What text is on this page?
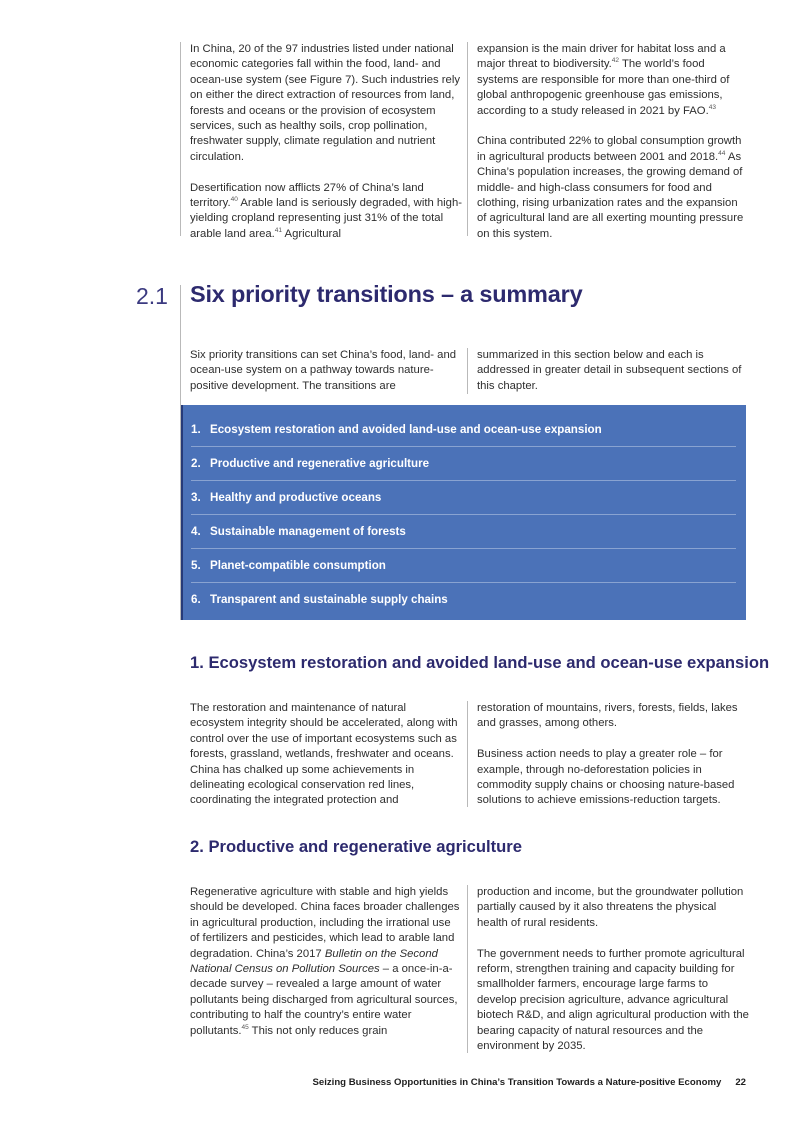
In China, 20 of the 97 industries listed under national economic categories fall within the food, land- and ocean-use system (see Figure 7). Such industries rely on either the direct extraction of resources from land, forests and oceans or the provision of ecosystem services, such as healthy soils, crop pollination, freshwater supply, climate regulation and nutrient circulation.

Desertification now afflicts 27% of China’s land territory.$^{40}$ Arable land is seriously degraded, with high-yielding cropland representing just 31% of the total arable land area.$^{41}$ Agricultural

expansion is the main driver for habitat loss and a major threat to biodiversity.$^{42}$ The world’s food systems are responsible for more than one-third of global anthropogenic greenhouse gas emissions, according to a study released in 2021 by FAO.$^{43}$

China contributed 22% to global consumption growth in agricultural products between 2001 and 2018.44 As China’s population increases, the growing demand of middle- and high-class consumers for food and clothing, rising urbanization rates and the expansion of agricultural land are all exerting mounting pressure on this system.

2.1 Six priority transitions – a summary
Six priority transitions can set China’s food, land- and ocean-use system on a pathway towards nature-positive development. The transitions are
summarized in this section below and each is addressed in greater detail in subsequent sections of this chapter.
1. Ecosystem restoration and avoided land-use and ocean-use expansion
2. Productive and regenerative agriculture
3. Healthy and productive oceans
4. Sustainable management of forests
5. Planet-compatible consumption
6. Transparent and sustainable supply chains
1. Ecosystem restoration and avoided land-use and ocean-use expansion
The restoration and maintenance of natural ecosystem integrity should be accelerated, along with control over the use of important ecosystems such as forests, grassland, wetlands, freshwater and oceans. China has chalked up some achievements in delineating ecological conservation red lines, coordinating the integrated protection and

restoration of mountains, rivers, forests, fields, lakes and grasses, among others.

Business action needs to play a greater role – for example, through no-deforestation policies in commodity supply chains or choosing nature-based solutions to achieve emissions-reduction targets.

2. Productive and regenerative agriculture

Regenerative agriculture with stable and high yields should be developed. China faces broader challenges in agricultural production, including the irrational use of fertilizers and pesticides, which lead to arable land degradation. China’s 2017 Bulletin on the Second National Census on Pollution Sources – a once-in-a-decade survey – revealed a large amount of water pollutants being discharged from agricultural sources, contributing to half the country’s entire water pollutants.$^{45}$ This not only reduces grain

production and income, but the groundwater pollution partially caused by it also threatens the physical health of rural residents.

The government needs to further promote agricultural reform, strengthen training and capacity building for smallholder farmers, encourage large farms to develop precision agriculture, advance agricultural biotech R&D, and align agricultural production with the bearing capacity of natural resources and the environment by 2035.

Seizing Business Opportunities in China’s Transition Towards a Nature-positive Economy 22
